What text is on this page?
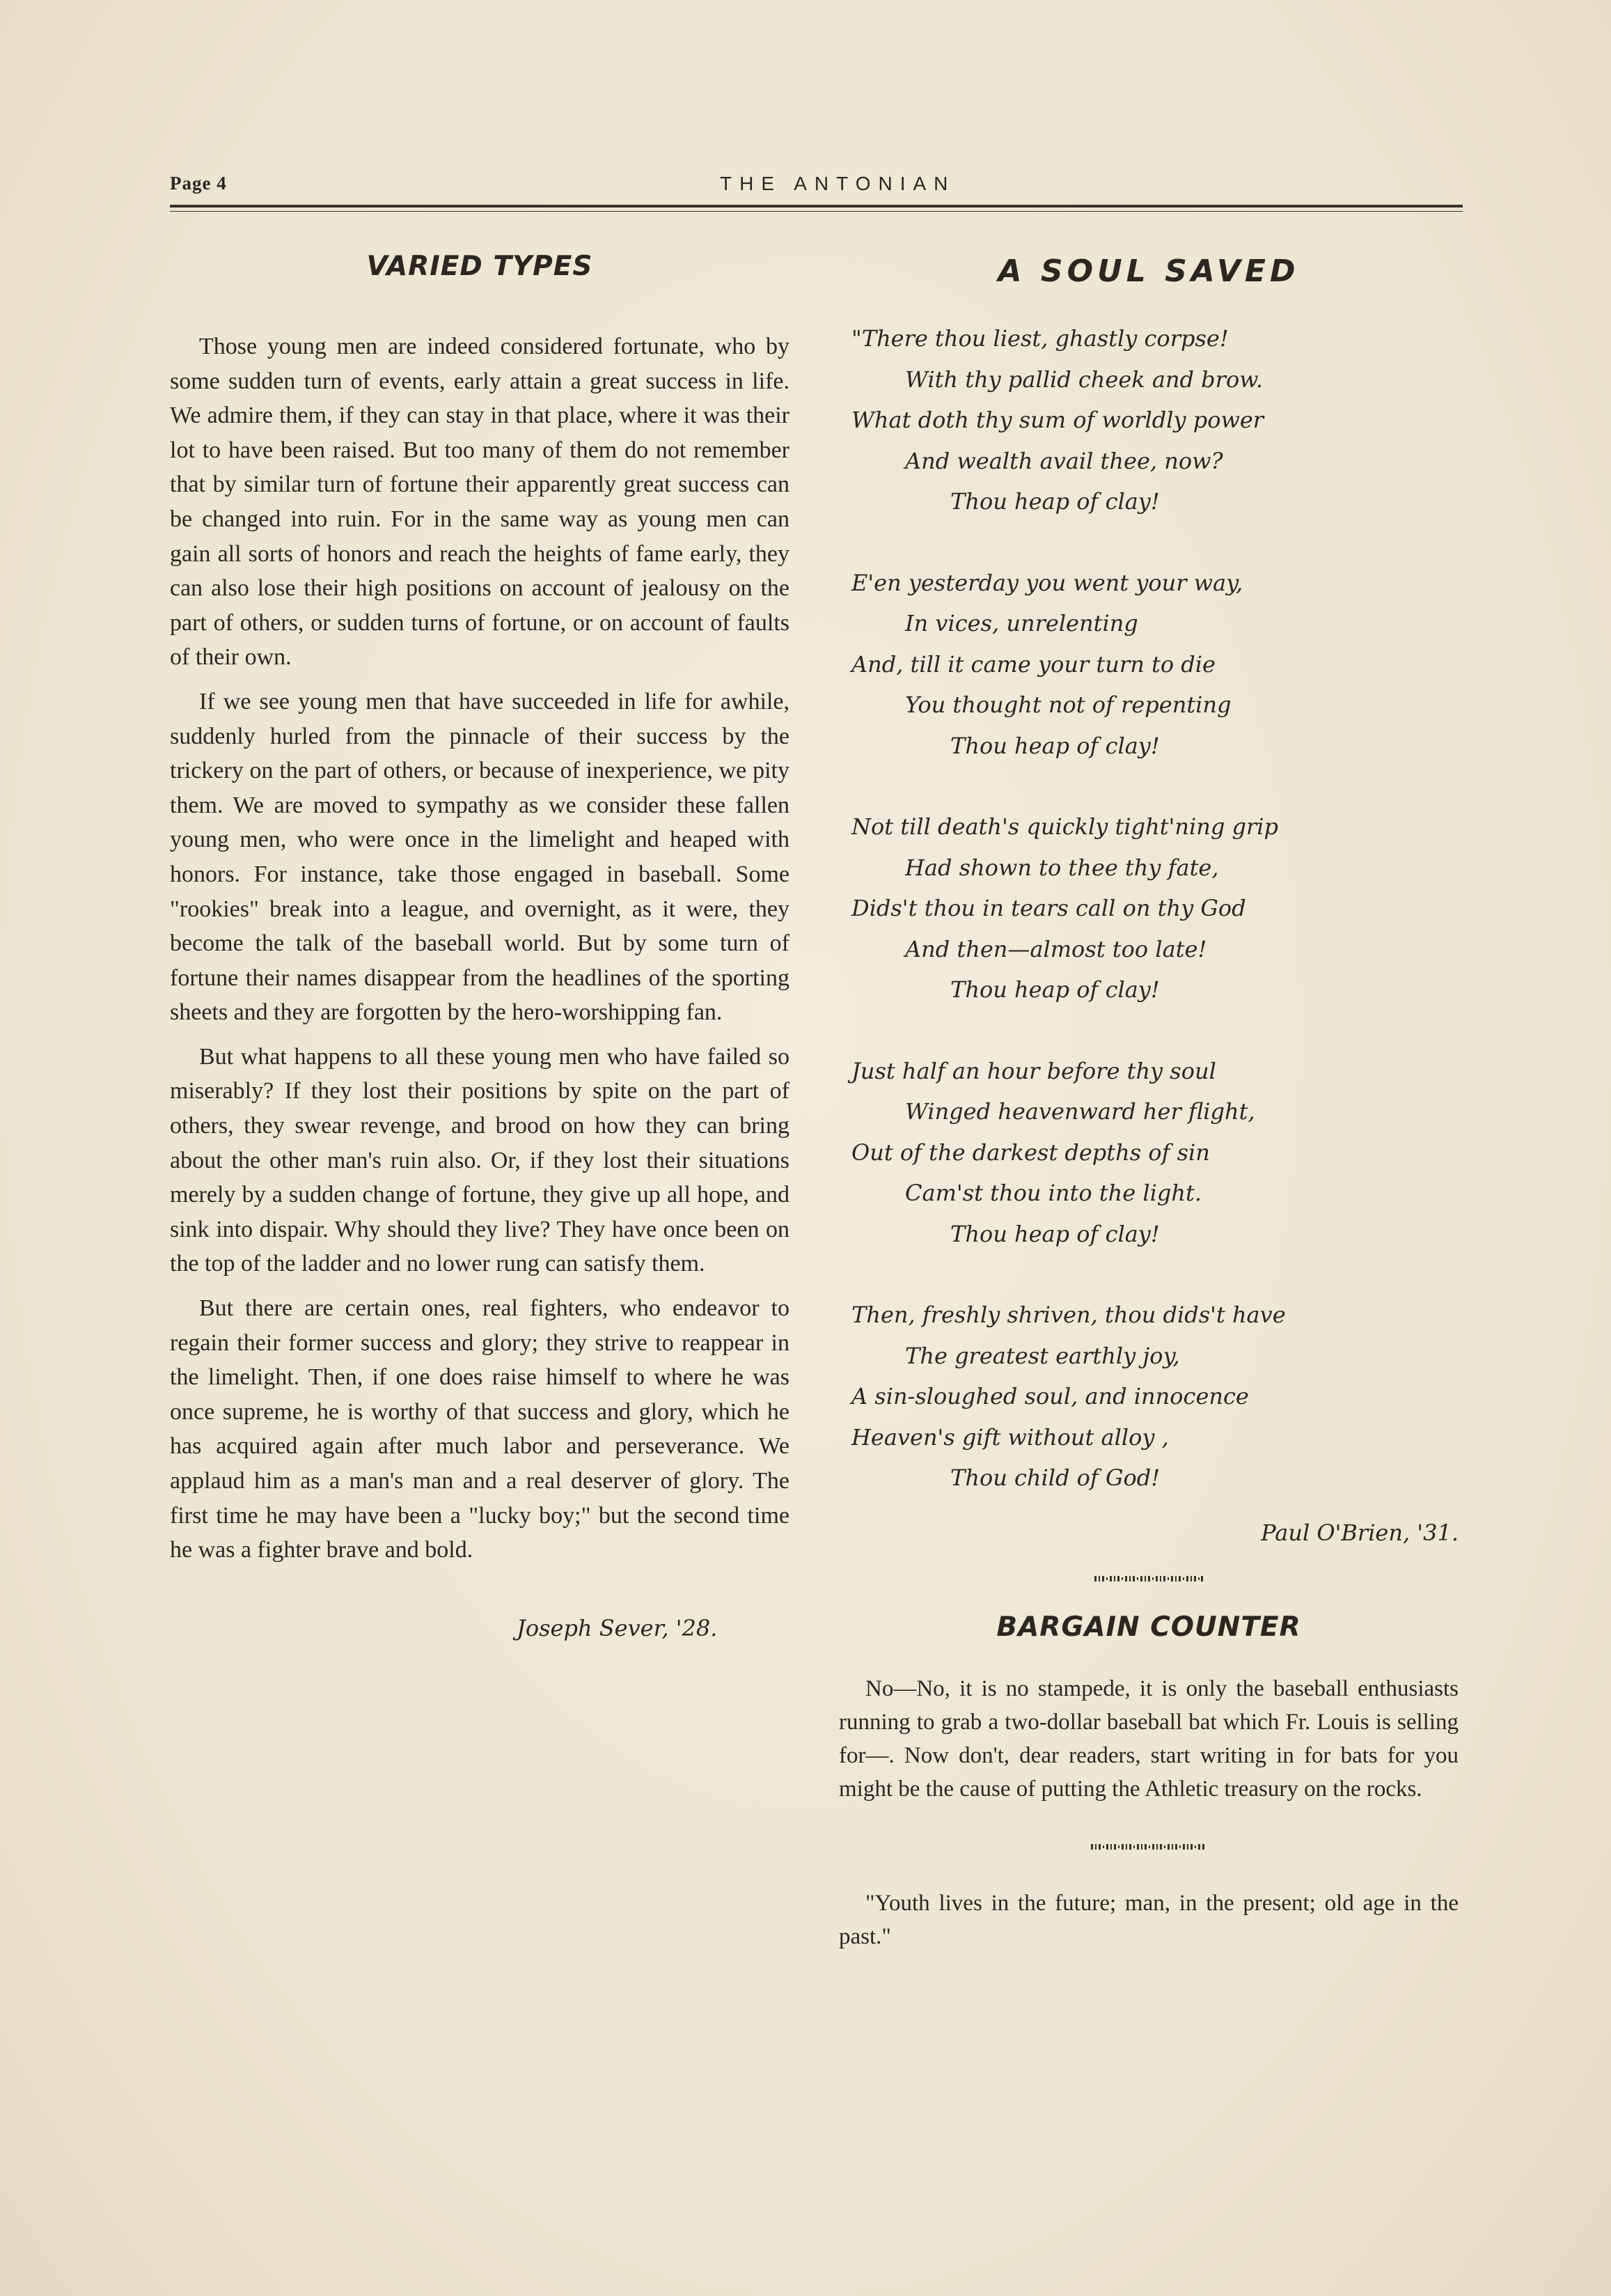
Page 4	THE ANTONIAN
VARIED TYPES

Those young men are indeed considered fortunate, who by some sudden turn of events, early attain a great success in life. We admire them, if they can stay in that place, where it was their lot to have been raised. But too many of them do not remember that by similar turn of fortune their apparently great success can be changed into ruin. For in the same way as young men can gain all sorts of honors and reach the heights of fame early, they can also lose their high positions on account of jealousy on the part of others, or sudden turns of fortune, or on account of faults of their own.

If we see young men that have succeeded in life for awhile, suddenly hurled from the pinnacle of their success by the trickery on the part of others, or because of inexperience, we pity them. We are moved to sympathy as we consider these fallen young men, who were once in the limelight and heaped with honors. For instance, take those engaged in baseball. Some "rookies" break into a league, and overnight, as it were, they become the talk of the baseball world. But by some turn of fortune their names disappear from the headlines of the sporting sheets and they are forgotten by the hero-worshipping fan.

But what happens to all these young men who have failed so miserably? If they lost their positions by spite on the part of others, they swear revenge, and brood on how they can bring about the other man's ruin also. Or, if they lost their situations merely by a sudden change of fortune, they give up all hope, and sink into dispair. Why should they live? They have once been on the top of the ladder and no lower rung can satisfy them.

But there are certain ones, real fighters, who endeavor to regain their former success and glory; they strive to reappear in the limelight. Then, if one does raise himself to where he was once supreme, he is worthy of that success and glory, which he has acquired again after much labor and perseverance. We applaud him as a man's man and a real deserver of glory. The first time he may have been a "lucky boy;" but the second time he was a fighter brave and bold.

Joseph Sever, '28.
A SOUL SAVED
"There thou liest, ghastly corpse!
With thy pallid cheek and brow.
What doth thy sum of worldly power
And wealth avail thee, now?
Thou heap of clay!
E'en yesterday you went your way,
In vices, unrelenting
And, till it came your turn to die
You thought not of repenting
Thou heap of clay!
Not till death's quickly tight'ning grip
Had shown to thee thy fate,
Dids't thou in tears call on thy God
And then—almost too late!
Thou heap of clay!
Just half an hour before thy soul
Winged heavenward her flight,
Out of the darkest depths of sin
Cam'st thou into the light.
Thou heap of clay!
Then, freshly shriven, thou dids't have
The greatest earthly joy,
A sin-sloughed soul, and innocence
Heaven's gift without alloy ,
Thou child of God!
Paul O'Brien, '31.
BARGAIN COUNTER

No—No, it is no stampede, it is only the baseball enthusiasts running to grab a two-dollar baseball bat which Fr. Louis is selling for—. Now don't, dear readers, start writing in for bats for you might be the cause of putting the Athletic treasury on the rocks.

"Youth lives in the future; man, in the present; old age in the past."
